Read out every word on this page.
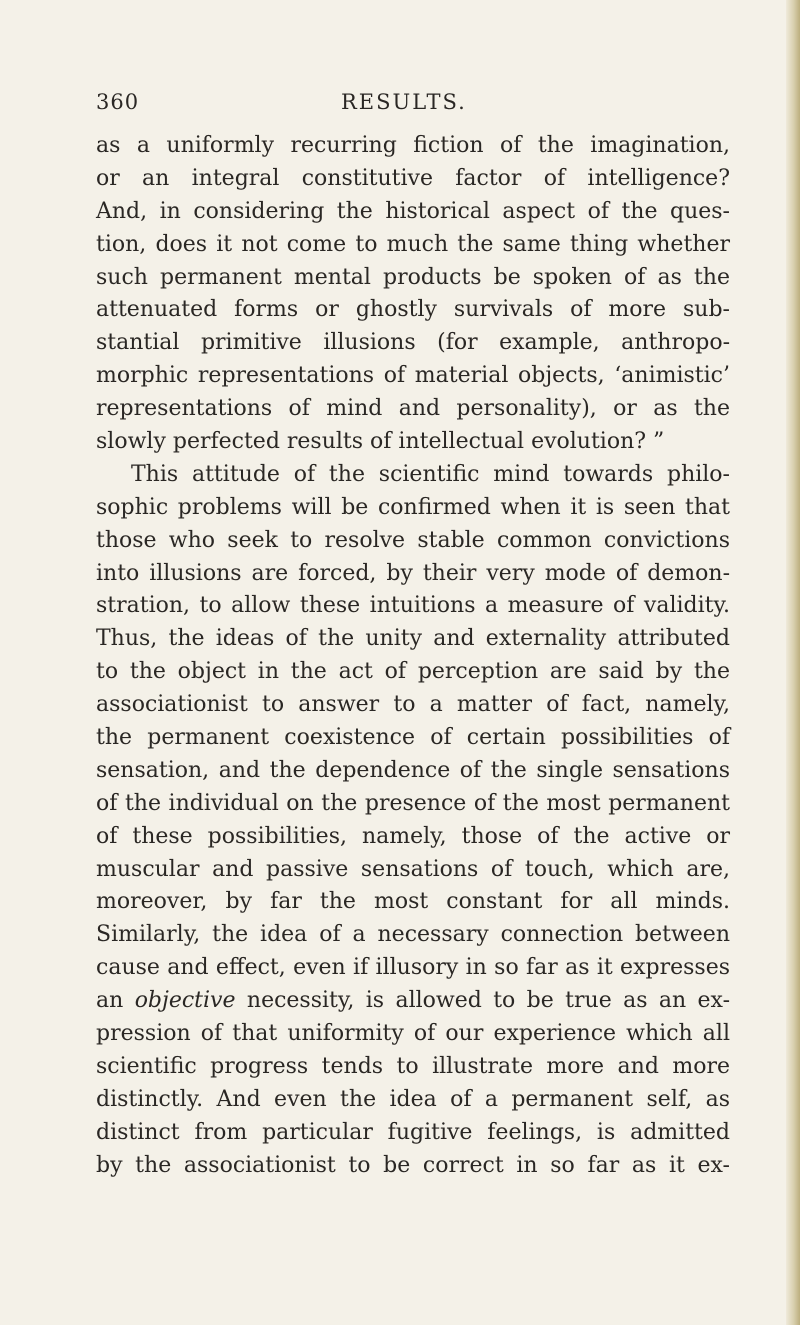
360	RESULTS.
as a uniformly recurring fiction of the imagination,
or an integral constitutive factor of intelligence?
And, in considering the historical aspect of the ques-
tion, does it not come to much the same thing whether
such permanent mental products be spoken of as the
attenuated forms or ghostly survivals of more sub-
stantial primitive illusions (for example, anthropo-
morphic representations of material objects, ‘animistic’
representations of mind and personality), or as the
slowly perfected results of intellectual evolution? ”
This attitude of the scientific mind towards philo-
sophic problems will be confirmed when it is seen that
those who seek to resolve stable common convictions
into illusions are forced, by their very mode of demon-
stration, to allow these intuitions a measure of validity.
Thus, the ideas of the unity and externality attributed
to the object in the act of perception are said by the
associationist to answer to a matter of fact, namely,
the permanent coexistence of certain possibilities of
sensation, and the dependence of the single sensations
of the individual on the presence of the most permanent
of these possibilities, namely, those of the active or
muscular and passive sensations of touch, which are,
moreover, by far the most constant for all minds.
Similarly, the idea of a necessary connection between
cause and effect, even if illusory in so far as it expresses
an objective necessity, is allowed to be true as an ex-
pression of that uniformity of our experience which all
scientific progress tends to illustrate more and more
distinctly. And even the idea of a permanent self, as
distinct from particular fugitive feelings, is admitted
by the associationist to be correct in so far as it ex-
